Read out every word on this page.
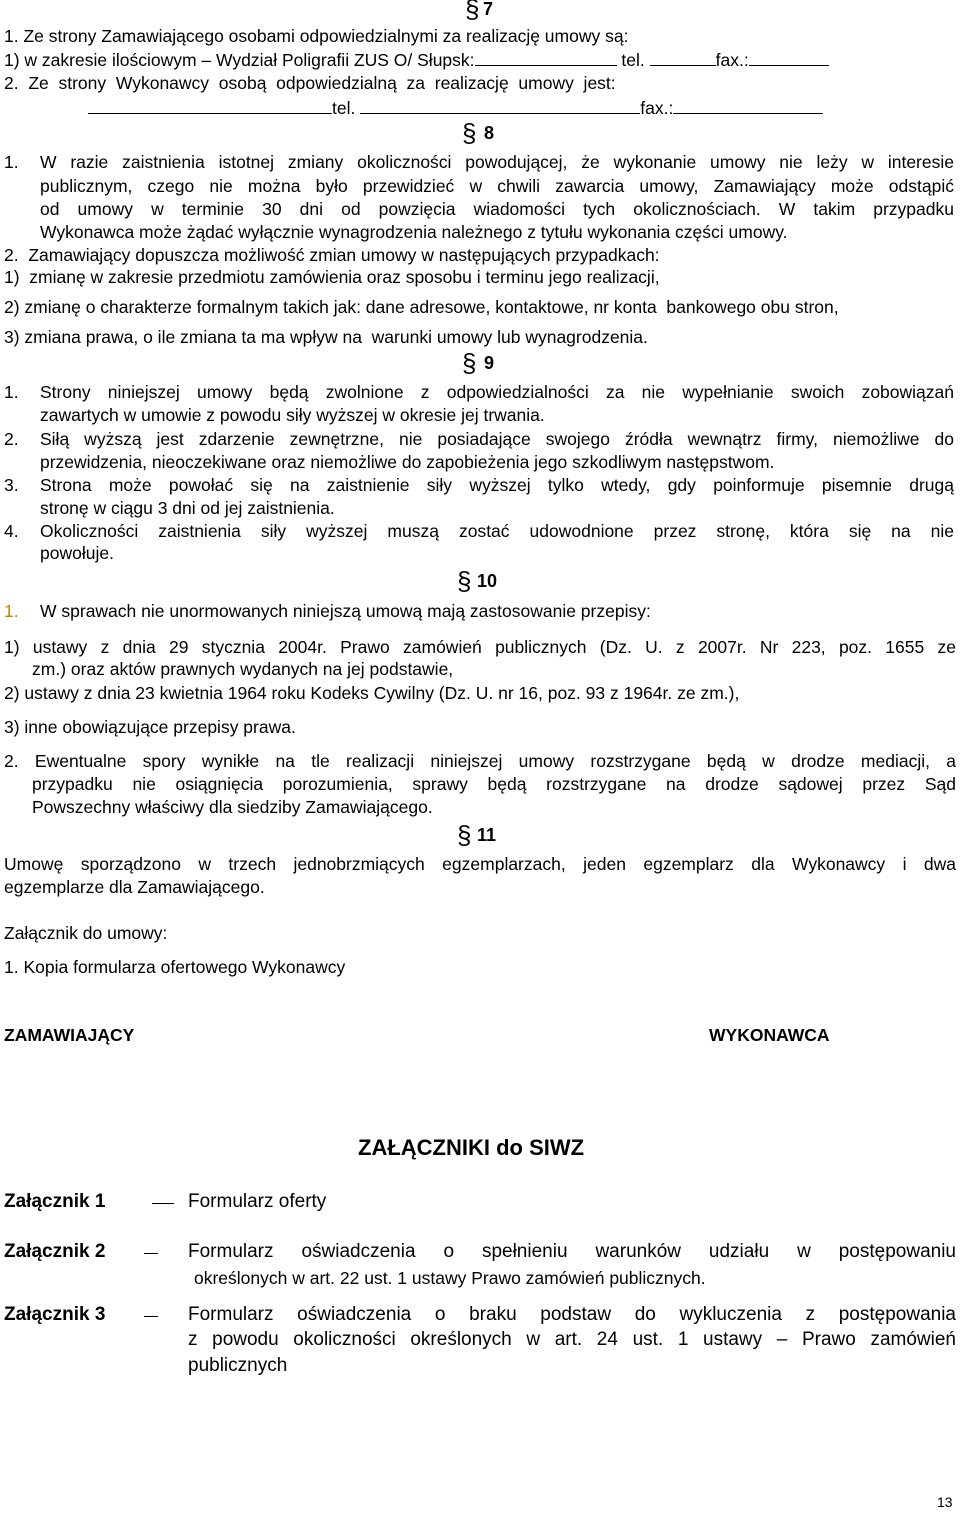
§ 7
1. Ze strony Zamawiającego osobami odpowiedzialnymi za realizację umowy są:
1) w zakresie ilościowym – Wydział Poligrafii ZUS O/ Słupsk:	tel.	fax.:
2.  Ze  strony  Wykonawcy  osobą  odpowiedzialną  za  realizację  umowy  jest:
tel.	fax.:
§ 8
1. W razie zaistnienia istotnej zmiany okoliczności powodującej, że wykonanie umowy nie leży w interesie
publicznym, czego nie można było przewidzieć w chwili zawarcia umowy, Zamawiający może odstąpić
od umowy w terminie 30 dni od powzięcia wiadomości tych okolicznościach. W takim przypadku
Wykonawca może żądać wyłącznie wynagrodzenia należnego z tytułu wykonania części umowy.
2.  Zamawiający dopuszcza możliwość zmian umowy w następujących przypadkach:
1)  zmianę w zakresie przedmiotu zamówienia oraz sposobu i terminu jego realizacji,
2) zmianę o charakterze formalnym takich jak: dane adresowe, kontaktowe, nr konta  bankowego obu stron,
3) zmiana prawa, o ile zmiana ta ma wpływ na  warunki umowy lub wynagrodzenia.
§ 9
1. Strony niniejszej umowy będą zwolnione z odpowiedzialności za nie wypełnianie swoich zobowiązań
zawartych w umowie z powodu siły wyższej w okresie jej trwania.
2. Siłą wyższą jest zdarzenie zewnętrzne, nie posiadające swojego źródła wewnątrz firmy, niemożliwe do
przewidzenia, nieoczekiwane oraz niemożliwe do zapobieżenia jego szkodliwym następstwom.
3. Strona może powołać się na zaistnienie siły wyższej tylko wtedy, gdy poinformuje pisemnie drugą
stronę w ciągu 3 dni od jej zaistnienia.
4. Okoliczności zaistnienia siły wyższej muszą zostać udowodnione przez stronę, która się na nie
powołuje.
§ 10
1. W sprawach nie unormowanych niniejszą umową mają zastosowanie przepisy:
1) ustawy z dnia 29 stycznia 2004r. Prawo zamówień publicznych (Dz. U. z 2007r. Nr 223, poz. 1655 ze
zm.) oraz aktów prawnych wydanych na jej podstawie,
2) ustawy z dnia 23 kwietnia 1964 roku Kodeks Cywilny (Dz. U. nr 16, poz. 93 z 1964r. ze zm.),
3) inne obowiązujące przepisy prawa.
2. Ewentualne spory wynikłe na tle realizacji niniejszej umowy rozstrzygane będą w drodze mediacji, a
przypadku nie osiągnięcia porozumienia, sprawy będą rozstrzygane na drodze sądowej przez Sąd
Powszechny właściwy dla siedziby Zamawiającego.
§ 11
Umowę sporządzono w trzech jednobrzmiących egzemplarzach, jeden egzemplarz dla Wykonawcy i dwa
egzemplarze dla Zamawiającego.
Załącznik do umowy:
1. Kopia formularza ofertowego Wykonawcy
ZAMAWIAJĄCY	WYKONAWCA
ZAŁĄCZNIKI do SIWZ
Załącznik 1	Formularz oferty
Załącznik 2	Formularz  oświadczenia  o  spełnieniu  warunków  udziału  w  postępowaniu
określonych w art. 22 ust. 1 ustawy Prawo zamówień publicznych.
Załącznik 3	Formularz oświadczenia o braku podstaw do wykluczenia z postępowania
z powodu okoliczności określonych w art. 24 ust. 1 ustawy – Prawo zamówień
publicznych
13
